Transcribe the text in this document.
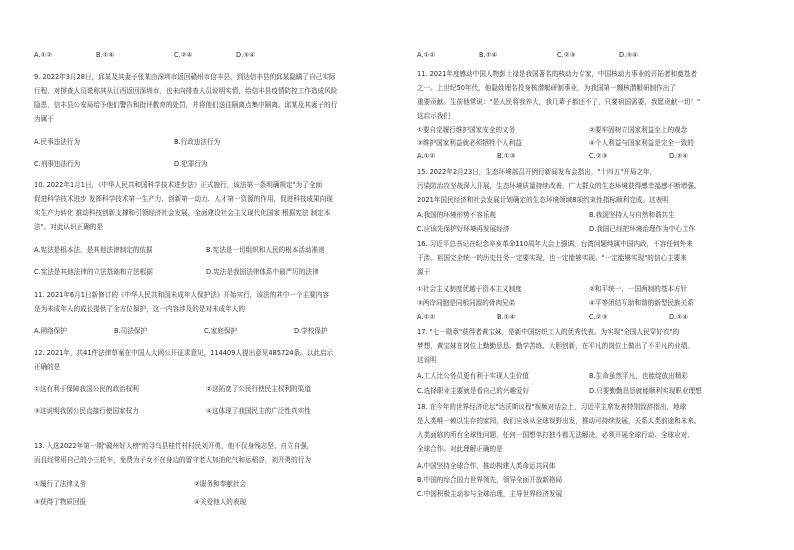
A.①②	B.①④	C.②④	D.③④
9. 2022年3月28日，邱某及其妻子张某由深圳市返回赣州市信丰县，到达信丰县的邱某隐瞒了自己实际
行程，对排查人员谎称其从江西返回深圳市，也未向排查人员说明实情，给信丰县疫情防控工作造成风险
隐患，信丰县公安局给予他们警告和批评教育的处罚，并将他们送往隔离点集中隔离。邱某及其妻子的行
为属于
A.民事违法行为	B.行政违法行为
C.刑事违法行为	D.犯罪行为
10. 2022年1月1日，《中华人民共和国科学技术进步法》正式施行，该法第一条明确规定"为了全面
促进科学技术进步 发挥科学技术第一生产力、创新第一动力、人才第一资源的作用，促进科技成果向现
实生产力转化 推动科技创新支撑和引领经济社会发展，全面建设社会主义现代化国家 根据宪法 制定本
法"。对此认识正确的是
A.宪法是根本法，是其他法律制定的依据	B.宪法是一切组织和人民的根本活动准则
C.宪法是其他法律的立法基础和立法根据	D.宪法是我国法律体系中最严厉的法律
11. 2021年6月1日新修订的《中华人民共和国未成年人保护法》开始实行，该法的其中一个主要内容
是为未成年人的成长提供了全方位保护，这一内容涉及的是对未成年人的
A.网络保护	B.司法保护	C.家庭保护	D.学校保护
12. 2021年，共41件法律草案在中国人大网公开征求意见，114409人提出意见485724条。以此启示
正确的是
①这有利于保障我国公民的政治权利	②这拓宽了公民行使民主权利的渠道
③这说明我国公民直接行使国家权力	④这体现了我国民主的广泛性真实性
13. 入选2022年第一期"赣州好人榜"的寻乌县桂竹村村民刘开勇，他不仅身残志坚、自立自强，
而且经常用自己的小三轮车，免费为子女不在身边的留守老人加油化气和运稻谷，刘开勇的行为
①履行了法律义务	②服务和奉献社会
③获得了物质回报	④关爱他人的表现
A.①②	B.①④	C.②③	D.③④
11. 2021年度感动中国人物彭士禄是我国著名的核动力专家，中国核动力事业的开拓者和奠基者
之一。上世纪50年代，他隐姓埋名投身核潜艇研制事业，为我国第一艘核潜艇研制作出了
重要贡献。生前他常说："是人民将我养大，我几辈子都还不了，只要祖国需要，我愿贡献一切！"
这启示我们
①要自觉履行维护国家安全的义务	②要牢固树立国家利益至上的观念
③维护国家利益就必须牺牲个人利益	④个人利益与国家利益是完全一致的
A.①②	B.①③	C.②③	D.③④
15. 2022年2月23日，生态环境部召开例行新闻发布会指出，"十四五"开局之年，
污染防治攻坚战深入开展，生态环境质量持续改善，广大群众的生态环境获得感幸福感不断增强。
2021年国民经济和社会发展计划确定的生态环境领域8项约束性指标顺利完成。这表明
A.我国的环境形势不容乐观	B.我国坚持人与自然和谐共生
C.应该先保护好环境再发展经济	D.我国已经把环境治理作为中心工作
16. 习近平总书记在纪念辛亥革命110周年大会上强调，台湾问题纯属中国内政，不容任何外来
干涉。祖国完全统一的历史任务一定要实现，也一定能够实现。"一定能够实现"的信心主要来
源于
①社会主义制度优越于资本主义制度	②和平统一、一国两制的基本方针
③两岸同胞是同根同源的骨肉兄弟	④平等团结互助和谐的新型民族关系
A.①②	B.①④	C.②③	D.③④
17. "七一勋章"获得者黄宝妹，是新中国纺织工人的优秀代表。为实现"全国人民穿好衣"的
梦想，黄宝妹在岗位上勤勤恳恳、勤学苦练、大胆创新，在平凡的岗位上做出了不平凡的业绩。
这说明
A.工人比公务员更有利于实现人生价值	B.生命虽然平凡，也能绽放出精彩
C.选择职业主要就是看自己的兴趣爱好	D.只要勤勤恳恳就能顺利实现职业理想
18. 在今年的世界经济论坛"达沃斯议程"视频对话会上，习近平主席发表特别致辞指出，地球
是人类唯一赖以生存的家园，我们应该从全球视野出发，推动可持续发展，关系人类前途和未来。
人类面临的所有全球性问题，任何一国想单打独斗都无法解决，必须开展全球行动、全球应对、
全球合作。对此理解正确的是
A.中国坚持全球合作，推动构建人类命运共同体
B.中国的综合国力世界领先，领导全面开放新格局
C.中国积极主动参与全球治理，主导世界经济发展
